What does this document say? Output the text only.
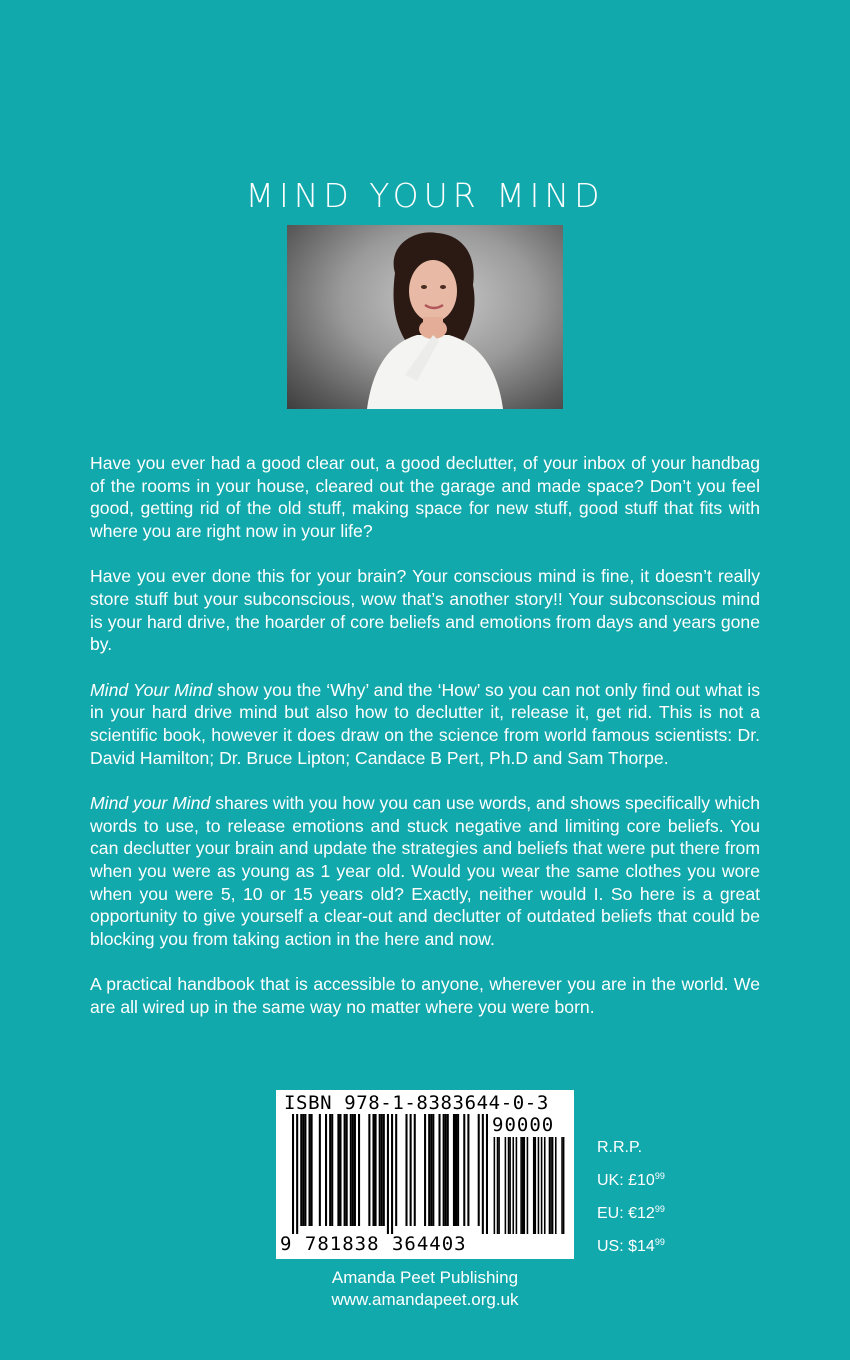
MIND YOUR MIND

Have you ever had a good clear out, a good declutter, of your inbox of your handbag of the rooms in your house, cleared out the garage and made space? Don’t you feel good, getting rid of the old stuff, making space for new stuff, good stuff that fits with where you are right now in your life?

Have you ever done this for your brain? Your conscious mind is fine, it doesn’t really store stuff but your subconscious, wow that’s another story!! Your subconscious mind is your hard drive, the hoarder of core beliefs and emotions from days and years gone by.

Mind Your Mind show you the ‘Why’ and the ‘How’ so you can not only find out what is in your hard drive mind but also how to declutter it, release it, get rid. This is not a scientific book, however it does draw on the science from world famous scientists: Dr. David Hamilton; Dr. Bruce Lipton; Candace B Pert, Ph.D and Sam Thorpe.

Mind your Mind shares with you how you can use words, and shows specifically which words to use, to release emotions and stuck negative and limiting core beliefs. You can declutter your brain and update the strategies and beliefs that were put there from when you were as young as 1 year old. Would you wear the same clothes you wore when you were 5, 10 or 15 years old? Exactly, neither would I. So here is a great opportunity to give yourself a clear-out and declutter of outdated beliefs that could be blocking you from taking action in the here and now.

A practical handbook that is accessible to anyone, wherever you are in the world. We are all wired up in the same way no matter where you were born.

ISBN 978-1-8383644-0-3
90000
9 781838 364403
R.R.P.
UK: $£10^{99}$
EU: $€12^{99}$
US: $\$14^{99}$
Amanda Peet Publishing
www.amandapeet.org.uk
